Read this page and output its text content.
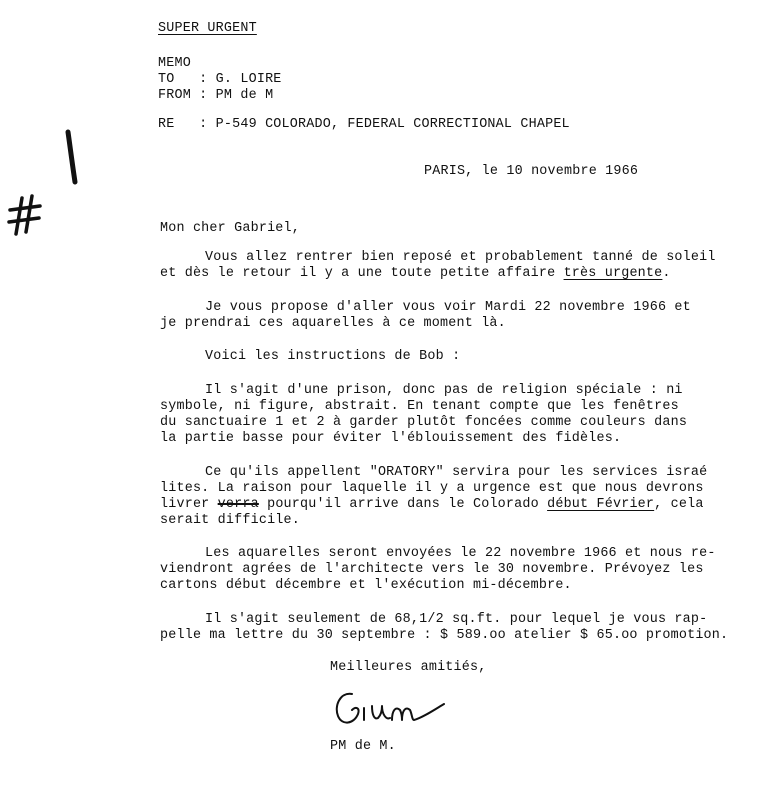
SUPER URGENT
MEMO
TO   : G. LOIRE
FROM : PM de M
RE   : P-549 COLORADO, FEDERAL CORRECTIONAL CHAPEL
PARIS, le 10 novembre 1966
Mon cher Gabriel,
Vous allez rentrer bien reposé et probablement tanné de soleil
et dès le retour il y a une toute petite affaire très urgente.
Je vous propose d'aller vous voir Mardi 22 novembre 1966 et
je prendrai ces aquarelles à ce moment là.
Voici les instructions de Bob :
Il s'agit d'une prison, donc pas de religion spéciale : ni
symbole, ni figure, abstrait. En tenant compte que les fenêtres
du sanctuaire 1 et 2 à garder plutôt foncées comme couleurs dans
la partie basse pour éviter l'éblouissement des fidèles.
Ce qu'ils appellent "ORATORY" servira pour les services israé
lites. La raison pour laquelle il y a urgence est que nous devrons
livrer verra pourqu'il arrive dans le Colorado début Février, cela
serait difficile.
Les aquarelles seront envoyées le 22 novembre 1966 et nous re-
viendront agrées de l'architecte vers le 30 novembre. Prévoyez les
cartons début décembre et l'exécution mi-décembre.
Il s'agit seulement de 68,1/2 sq.ft. pour lequel je vous rap-
pelle ma lettre du 30 septembre : $ 589.oo atelier $ 65.oo promotion.
Meilleures amitiés,
PM de M.
